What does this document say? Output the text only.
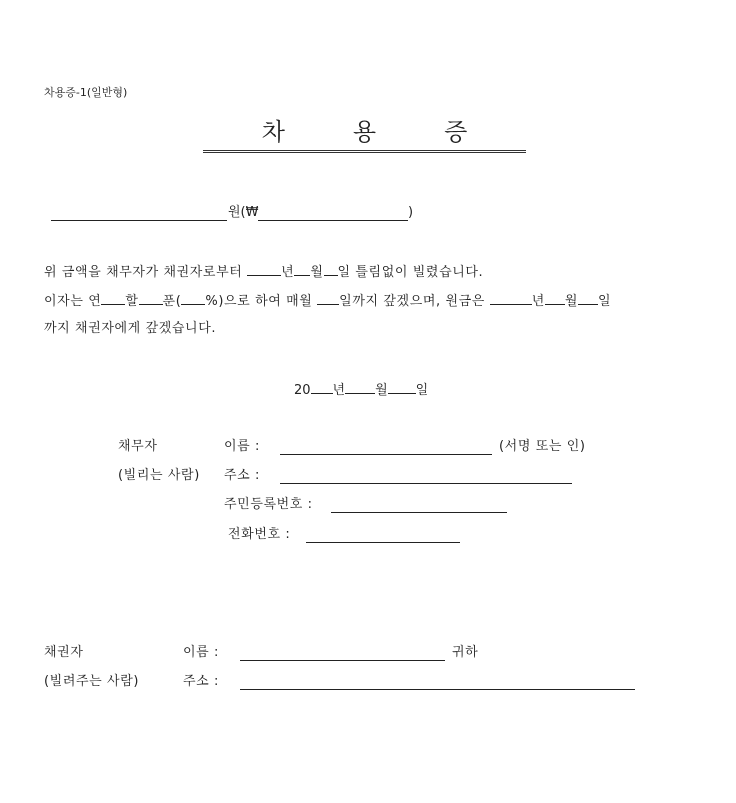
차용증-1(일반형)
차	용	증
원(₩	)
위 금액을 채무자가 채권자로부터	년 월 일 틀림없이 빌렸습니다.
이자는 연 할 푼( %)으로 하여 매월 일까지 갚겠으며, 원금은	년 월 일
까지 채권자에게 갚겠습니다.
20 년 월 일
채무자
(빌리는 사람)
이름 :	(서명 또는 인)
주소 :
주민등록번호 :
전화번호 :
채권자
(빌려주는 사람)
이름 :	귀하
주소 :
